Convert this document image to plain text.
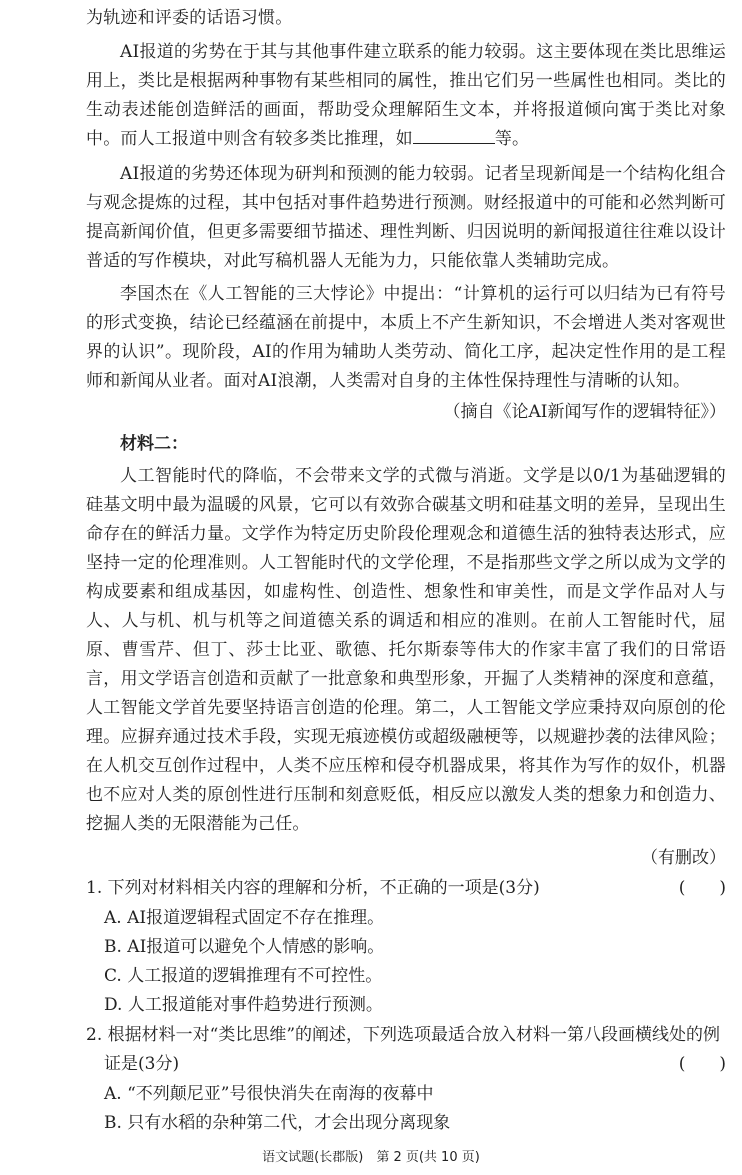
为轨迹和评委的话语习惯。
AI报道的劣势在于其与其他事件建立联系的能力较弱。这主要体现在类比思维运用上，类比是根据两种事物有某些相同的属性，推出它们另一些属性也相同。类比的生动表述能创造鲜活的画面，帮助受众理解陌生文本，并将报道倾向寓于类比对象中。而人工报道中则含有较多类比推理，如	等。
AI报道的劣势还体现为研判和预测的能力较弱。记者呈现新闻是一个结构化组合与观念提炼的过程，其中包括对事件趋势进行预测。财经报道中的可能和必然判断可提高新闻价值，但更多需要细节描述、理性判断、归因说明的新闻报道往往难以设计普适的写作模块，对此写稿机器人无能为力，只能依靠人类辅助完成。
李国杰在《人工智能的三大悖论》中提出：“计算机的运行可以归结为已有符号的形式变换，结论已经蕴涵在前提中，本质上不产生新知识，不会增进人类对客观世界的认识”。现阶段，AI的作用为辅助人类劳动、简化工序，起决定性作用的是工程师和新闻从业者。面对AI浪潮，人类需对自身的主体性保持理性与清晰的认知。
（摘自《论AI新闻写作的逻辑特征》）
材料二：
人工智能时代的降临，不会带来文学的式微与消逝。文学是以0/1为基础逻辑的硅基文明中最为温暖的风景，它可以有效弥合碳基文明和硅基文明的差异，呈现出生命存在的鲜活力量。文学作为特定历史阶段伦理观念和道德生活的独特表达形式，应坚持一定的伦理准则。人工智能时代的文学伦理，不是指那些文学之所以成为文学的构成要素和组成基因，如虚构性、创造性、想象性和审美性，而是文学作品对人与人、人与机、机与机等之间道德关系的调适和相应的准则。在前人工智能时代，屈原、曹雪芹、但丁、莎士比亚、歌德、托尔斯泰等伟大的作家丰富了我们的日常语言，用文学语言创造和贡献了一批意象和典型形象，开掘了人类精神的深度和意蕴，人工智能文学首先要坚持语言创造的伦理。第二，人工智能文学应秉持双向原创的伦理。应摒弃通过技术手段，实现无痕迹模仿或超级融梗等，以规避抄袭的法律风险；在人机交互创作过程中，人类不应压榨和侵夺机器成果，将其作为写作的奴仆，机器也不应对人类的原创性进行压制和刻意贬低，相反应以激发人类的想象力和创造力、挖掘人类的无限潜能为己任。
（有删改）
1. 下列对材料相关内容的理解和分析，不正确的一项是(3分)	(　　)
A. AI报道逻辑程式固定不存在推理。
B. AI报道可以避免个人情感的影响。
C. 人工报道的逻辑推理有不可控性。
D. 人工报道能对事件趋势进行预测。
2. 根据材料一对“类比思维”的阐述，下列选项最适合放入材料一第八段画横线处的例
证是(3分)	(　　)
A. “不列颠尼亚”号很快消失在南海的夜幕中
B. 只有水稻的杂种第二代，才会出现分离现象
语文试题(长郡版)　第 2 页(共 10 页)
